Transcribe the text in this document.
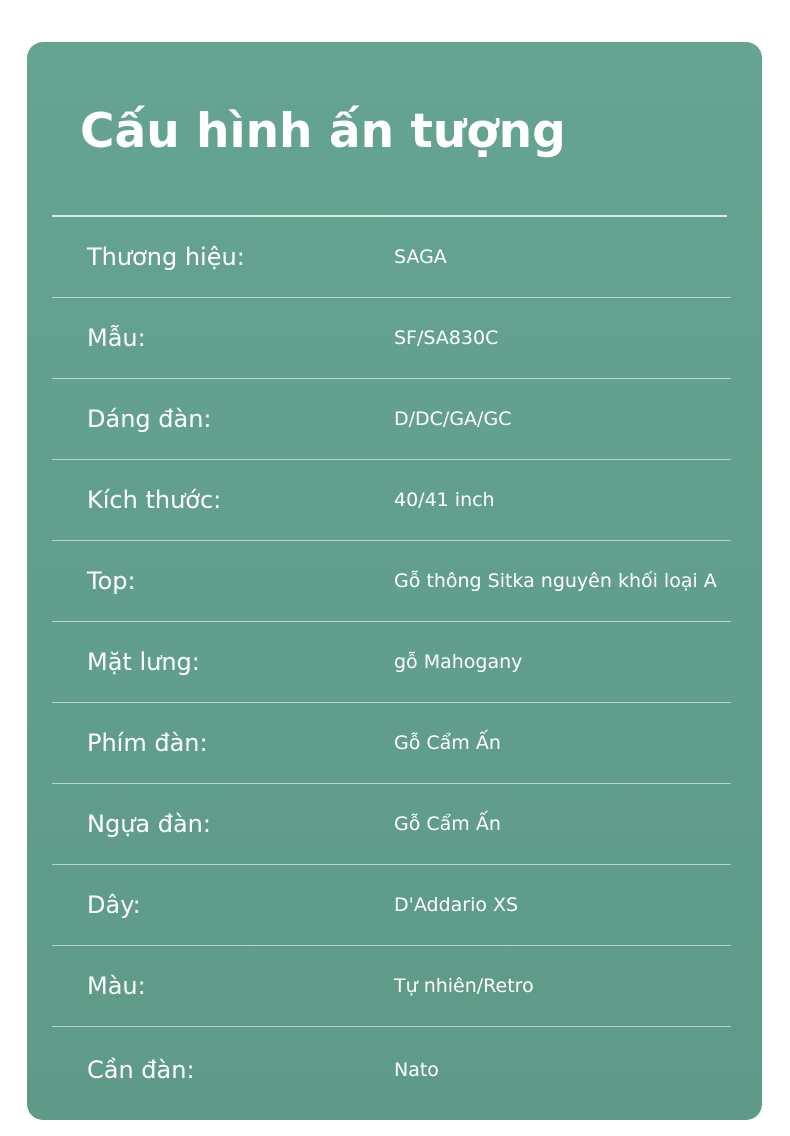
Cấu hình ấn tượng
Thương hiệu:	SAGA
Mẫu:	SF/SA830C
Dáng đàn:	D/DC/GA/GC
Kích thước:	40/41 inch
Top:	Gỗ thông Sitka nguyên khối loại A
Mặt lưng:	gỗ Mahogany
Phím đàn:	Gỗ Cẩm Ấn
Ngựa đàn:	Gỗ Cẩm Ấn
Dây:	D'Addario XS
Màu:	Tự nhiên/Retro
Cần đàn:	Nato
